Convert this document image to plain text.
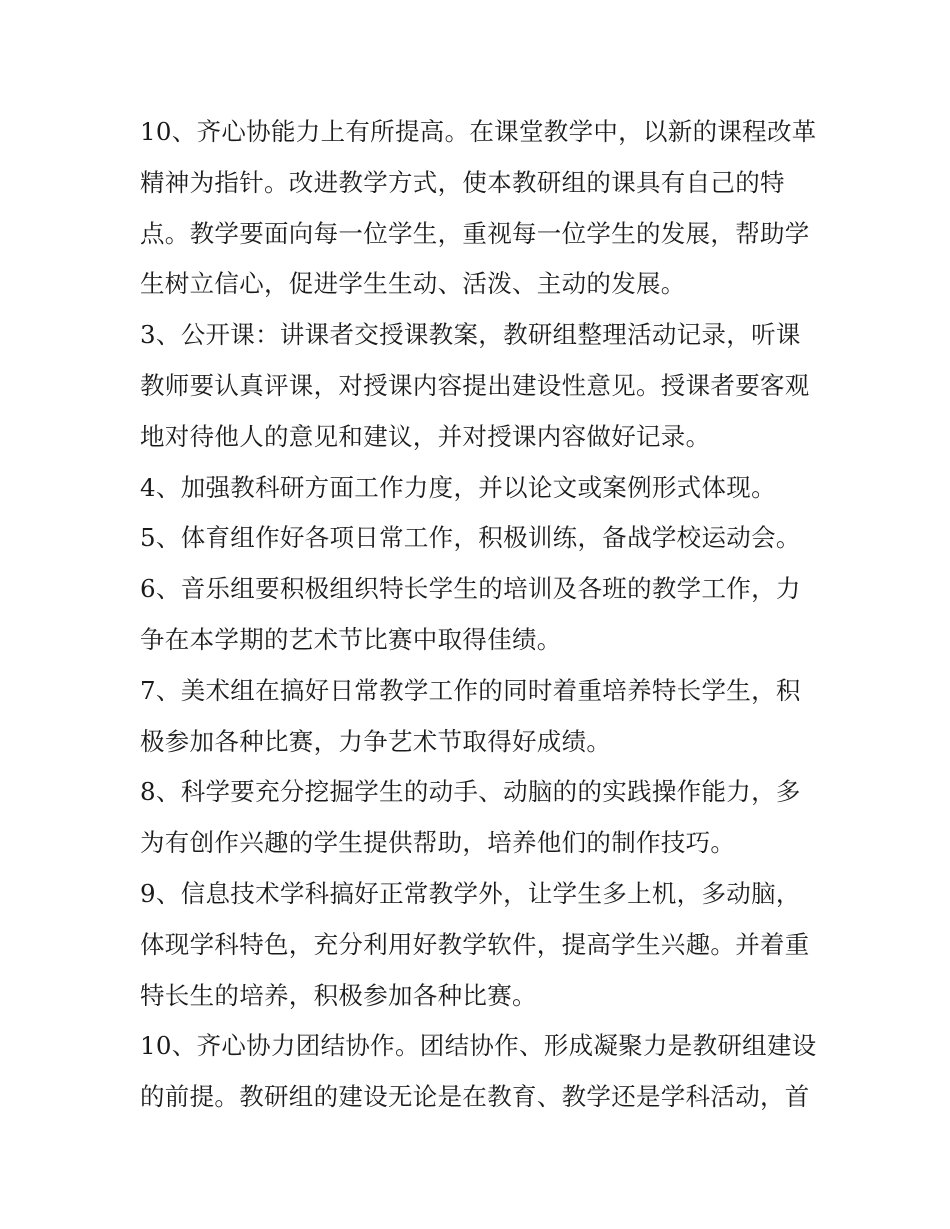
10、齐心协能力上有所提高。在课堂教学中，以新的课程改革
精神为指针。改进教学方式，使本教研组的课具有自己的特
点。教学要面向每一位学生，重视每一位学生的发展，帮助学
生树立信心，促进学生生动、活泼、主动的发展。
3、公开课：讲课者交授课教案，教研组整理活动记录，听课
教师要认真评课，对授课内容提出建设性意见。授课者要客观
地对待他人的意见和建议，并对授课内容做好记录。
4、加强教科研方面工作力度，并以论文或案例形式体现。
5、体育组作好各项日常工作，积极训练，备战学校运动会。
6、音乐组要积极组织特长学生的培训及各班的教学工作，力
争在本学期的艺术节比赛中取得佳绩。
7、美术组在搞好日常教学工作的同时着重培养特长学生，积
极参加各种比赛，力争艺术节取得好成绩。
8、科学要充分挖掘学生的动手、动脑的的实践操作能力，多
为有创作兴趣的学生提供帮助，培养他们的制作技巧。
9、信息技术学科搞好正常教学外，让学生多上机，多动脑，
体现学科特色，充分利用好教学软件，提高学生兴趣。并着重
特长生的培养，积极参加各种比赛。
10、齐心协力团结协作。团结协作、形成凝聚力是教研组建设
的前提。教研组的建设无论是在教育、教学还是学科活动，首
